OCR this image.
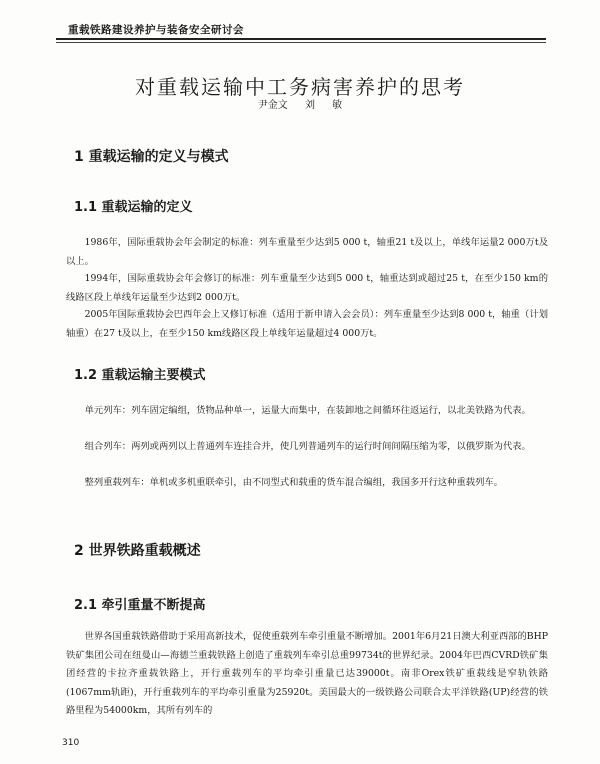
重载铁路建设养护与装备安全研讨会
对重载运输中工务病害养护的思考
尹金文 刘 敏
1 重载运输的定义与模式
1.1 重载运输的定义

1986年，国际重载协会年会制定的标准：列车重量至少达到5 000 t，轴重21 t及以上，单线年运量2 000万t及以上。

1994年，国际重载协会年会修订的标准：列车重量至少达到5 000 t，轴重达到或超过25 t，在至少150 km的线路区段上单线年运量至少达到2 000万t。

2005年国际重载协会巴西年会上又修订标准（适用于新申请入会会员）：列车重量至少达到8 000 t，轴重（计划轴重）在27 t及以上，在至少150 km线路区段上单线年运量超过4 000万t。

1.2 重载运输主要模式

单元列车：列车固定编组，货物品种单一，运量大而集中，在装卸地之间循环往返运行，以北美铁路为代表。

组合列车：两列或两列以上普通列车连挂合并，使几列普通列车的运行时间间隔压缩为零，以俄罗斯为代表。

整列重载列车：单机或多机重联牵引，由不同型式和载重的货车混合编组，我国多开行这种重载列车。

2 世界铁路重载概述
2.1 牵引重量不断提高

世界各国重载铁路借助于采用高新技术，促使重载列车牵引重量不断增加。2001年6月21日澳大利亚西部的BHP铁矿集团公司在纽曼山—海德兰重载铁路上创造了重载列车牵引总重99734t的世界纪录。2004年巴西CVRD铁矿集团经营的卡拉齐重载铁路上，开行重载列车的平均牵引重量已达39000t。南非Orex铁矿重载线是窄轨铁路(1067mm轨距)，开行重载列车的平均牵引重量为25920t。美国最大的一级铁路公司联合太平洋铁路(UP)经营的铁路里程为54000km，其所有列车的

310
